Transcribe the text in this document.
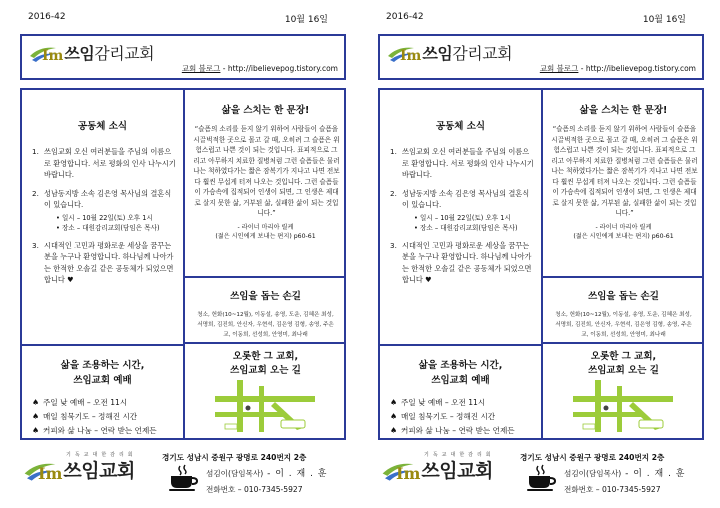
2016-42	10월 16일
Im 쓰임감리교회
교회 블로그 - http://ibelievepog.tistory.com
공동체 소식
1. 쓰임교회 오신 여러분들을 주님의 이름으로 환영합니다. 서로 평화의 인사 나누시기 바랍니다.
2. 성남동지방 소속 김은영 목사님의 결혼식이 있습니다.
• 일시 – 10월 22일(토) 오후 1시
• 장소 – 대원감리교회(담임은 목사)
3. 시대적인 고민과 평화로운 세상을 꿈꾸는 분을 누구나 환영합니다. 하나님께 나아가는 한적한 오솔길 같은 공동체가 되었으면 합니다 ♥
삶을 스치는 한 문장!
“슬픔의 소리를 듣지 않기 위하여 사람들이 슬픔을 시끌벅적한 곳으로 몰고 갈 때, 오히려 그 슬픔은 위험스럽고 나쁜 것이 되는 것입니다. 표피적으로 그리고 아무하지 치료한 질병처럼 그런 슬픔들은 물러나는 척하였다가는 짧은 잠복기가 지나고 나면 전보다 훨씬 무섭게 터져 나오는 것입니다. 그런 슬픔들이 가슴속에 집적되어 인생이 되면, 그 인생은 제대로 살지 못한 삶, 거부된 삶, 실패한 삶이 되는 것입니다.”
- 라이너 마리아 릴케
(젊은 시인에게 보내는 편지) p60-61
쓰임을 돕는 손길
청소, 헌화(10~12월), 이동설, 송영, 도운, 김혜은 최성, 서명희, 김진희, 안신자, 우현석, 김은영 김형, 송영, 주은교, 이동희, 선성희, 안영미, 최나래
삶을 조용하는 시간,
쓰임교회 예배
♠ 주일 낮 예배 – 오전 11시
♠ 매일 침묵기도 – 정해진 시간
♠ 커피와 삶 나눔 – 연락 받는 언제든
오롯한 그 교회,
쓰임교회 오는 길
기독교대한감리회
Im 쓰임교회
경기도 성남시 중원구 광명로 240번지 2층
섬김이(담임목사) - 이 . 재 . 훈
전화번호 – 010-7345-5927
2016-42	10월 16일
Im 쓰임감리교회
교회 블로그 - http://ibelievepog.tistory.com
공동체 소식
1. 쓰임교회 오신 여러분들을 주님의 이름으로 환영합니다. 서로 평화의 인사 나누시기 바랍니다.
2. 성남동지방 소속 김은영 목사님의 결혼식이 있습니다.
• 일시 – 10월 22일(토) 오후 1시
• 장소 – 대원감리교회(담임은 목사)
3. 시대적인 고민과 평화로운 세상을 꿈꾸는 분을 누구나 환영합니다. 하나님께 나아가는 한적한 오솔길 같은 공동체가 되었으면 합니다 ♥
삶을 스치는 한 문장!
“슬픔의 소리를 듣지 않기 위하여 사람들이 슬픔을 시끌벅적한 곳으로 몰고 갈 때, 오히려 그 슬픔은 위험스럽고 나쁜 것이 되는 것입니다. 표피적으로 그리고 아무하지 치료한 질병처럼 그런 슬픔들은 물러나는 척하였다가는 짧은 잠복기가 지나고 나면 전보다 훨씬 무섭게 터져 나오는 것입니다. 그런 슬픔들이 가슴속에 집적되어 인생이 되면, 그 인생은 제대로 살지 못한 삶, 거부된 삶, 실패한 삶이 되는 것입니다.”
- 라이너 마리아 릴케
(젊은 시인에게 보내는 편지) p60-61
쓰임을 돕는 손길
청소, 헌화(10~12월), 이동설, 송영, 도운, 김혜은 최성, 서명희, 김진희, 안신자, 우현석, 김은영 김형, 송영, 주은교, 이동희, 선성희, 안영미, 최나래
삶을 조용하는 시간,
쓰임교회 예배
♠ 주일 낮 예배 – 오전 11시
♠ 매일 침묵기도 – 정해진 시간
♠ 커피와 삶 나눔 – 연락 받는 언제든
오롯한 그 교회,
쓰임교회 오는 길
기독교대한감리회
Im 쓰임교회
경기도 성남시 중원구 광명로 240번지 2층
섬김이(담임목사) - 이 . 재 . 훈
전화번호 – 010-7345-5927
